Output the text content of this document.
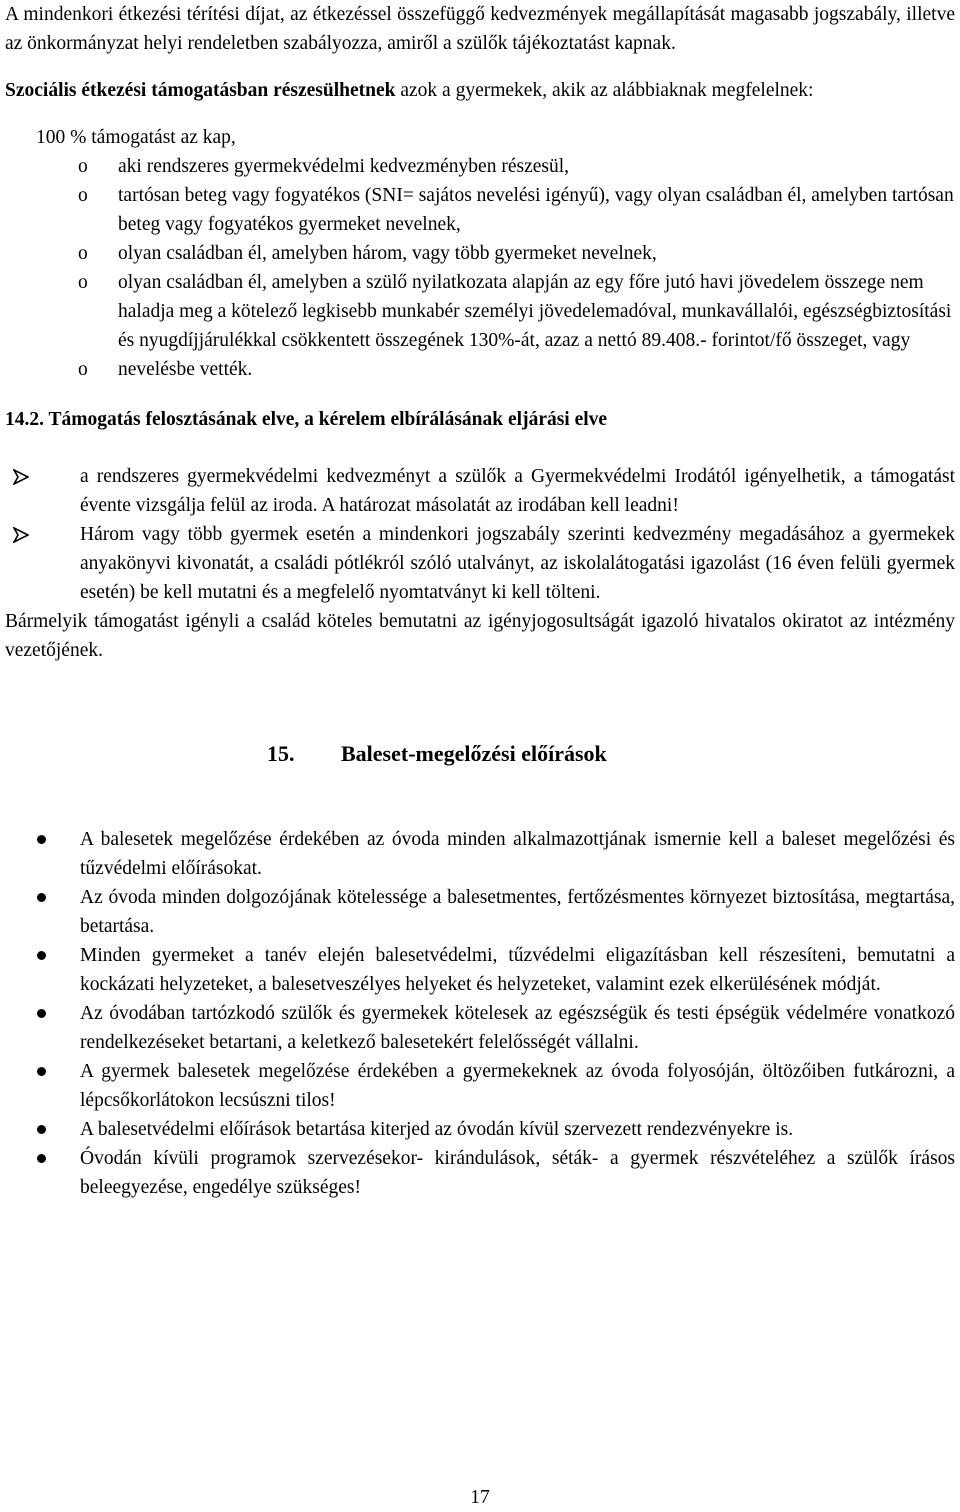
A mindenkori étkezési térítési díjat, az étkezéssel összefüggő kedvezmények megállapítását magasabb jogszabály, illetve az önkormányzat helyi rendeletben szabályozza, amiről a szülők tájékoztatást kapnak.

Szociális étkezési támogatásban részesülhetnek azok a gyermekek, akik az alábbiaknak megfelelnek:

100 % támogatást az kap,

o aki rendszeres gyermekvédelmi kedvezményben részesül,
o tartósan beteg vagy fogyatékos (SNI= sajátos nevelési igényű), vagy olyan családban él, amelyben tartósan beteg vagy fogyatékos gyermeket nevelnek,
o olyan családban él, amelyben három, vagy több gyermeket nevelnek,
o olyan családban él, amelyben a szülő nyilatkozata alapján az egy főre jutó havi jövedelem összege nem haladja meg a kötelező legkisebb munkabér személyi jövedelemadóval, munkavállalói, egészségbiztosítási és nyugdíjjárulékkal csökkentett összegének 130%-át, azaz a nettó 89.408.- forintot/fő összeget, vagy
o nevelésbe vették.

14.2. Támogatás felosztásának elve, a kérelem elbírálásának eljárási elve

a rendszeres gyermekvédelmi kedvezményt a szülők a Gyermekvédelmi Irodától igényelhetik, a támogatást évente vizsgálja felül az iroda. A határozat másolatát az irodában kell leadni!
Három vagy több gyermek esetén a mindenkori jogszabály szerinti kedvezmény megadásához a gyermekek anyakönyvi kivonatát, a családi pótlékról szóló utalványt, az iskolalátogatási igazolást (16 éven felüli gyermek esetén) be kell mutatni és a megfelelő nyomtatványt ki kell tölteni.

Bármelyik támogatást igényli a család köteles bemutatni az igényjogosultságát igazoló hivatalos okiratot az intézmény vezetőjének.

15. Baleset-megelőzési előírások
A balesetek megelőzése érdekében az óvoda minden alkalmazottjának ismernie kell a baleset megelőzési és tűzvédelmi előírásokat.
Az óvoda minden dolgozójának kötelessége a balesetmentes, fertőzésmentes környezet biztosítása, megtartása, betartása.
Minden gyermeket a tanév elején balesetvédelmi, tűzvédelmi eligazításban kell részesíteni, bemutatni a kockázati helyzeteket, a balesetveszélyes helyeket és helyzeteket, valamint ezek elkerülésének módját.
Az óvodában tartózkodó szülők és gyermekek kötelesek az egészségük és testi épségük védelmére vonatkozó rendelkezéseket betartani, a keletkező balesetekért felelősségét vállalni.
A gyermek balesetek megelőzése érdekében a gyermekeknek az óvoda folyosóján, öltözőiben futkározni, a lépcsőkorlátokon lecsúszni tilos!
A balesetvédelmi előírások betartása kiterjed az óvodán kívül szervezett rendezvényekre is.
Óvodán kívüli programok szervezésekor- kirándulások, séták- a gyermek részvételéhez a szülők írásos beleegyezése, engedélye szükséges!
17
